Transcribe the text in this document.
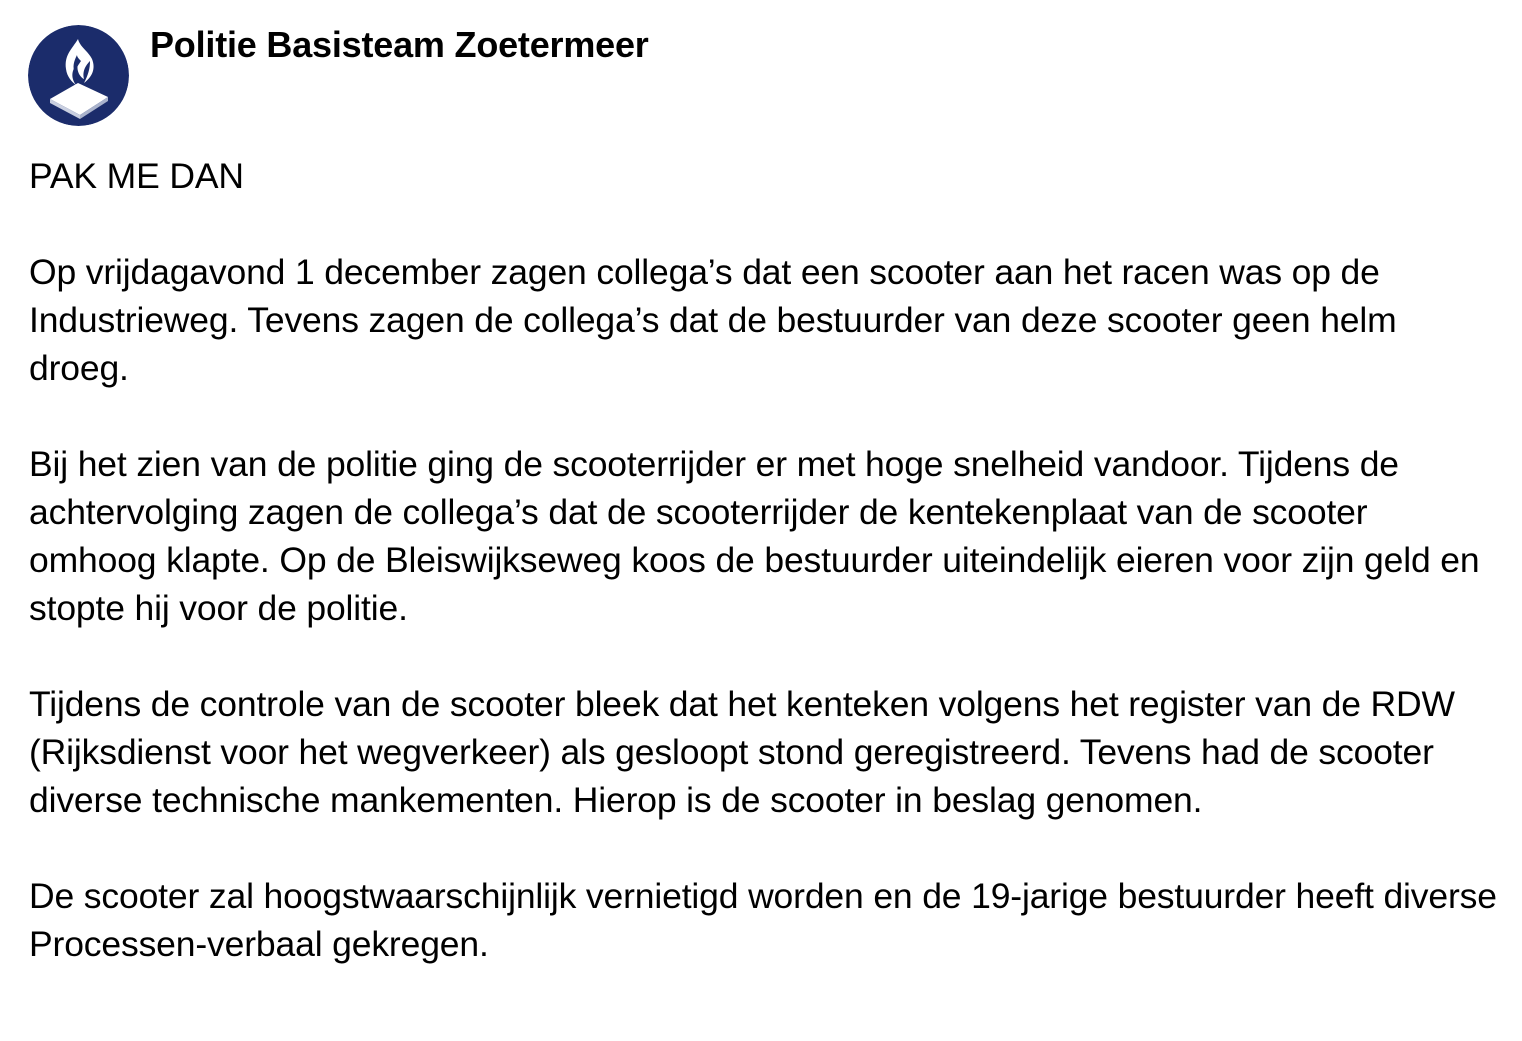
Politie Basisteam Zoetermeer

PAK ME DAN

Op vrijdagavond 1 december zagen collega’s dat een scooter aan het racen was op de Industrieweg. Tevens zagen de collega’s dat de bestuurder van deze scooter geen helm droeg.

Bij het zien van de politie ging de scooterrijder er met hoge snelheid vandoor. Tijdens de achtervolging zagen de collega’s dat de scooterrijder de kentekenplaat van de scooter omhoog klapte. Op de Bleiswijkseweg koos de bestuurder uiteindelijk eieren voor zijn geld en stopte hij voor de politie.

Tijdens de controle van de scooter bleek dat het kenteken volgens het register van de RDW (Rijksdienst voor het wegverkeer) als gesloopt stond geregistreerd. Tevens had de scooter diverse technische mankementen. Hierop is de scooter in beslag genomen.

De scooter zal hoogstwaarschijnlijk vernietigd worden en de 19-jarige bestuurder heeft diverse Processen-verbaal gekregen.
